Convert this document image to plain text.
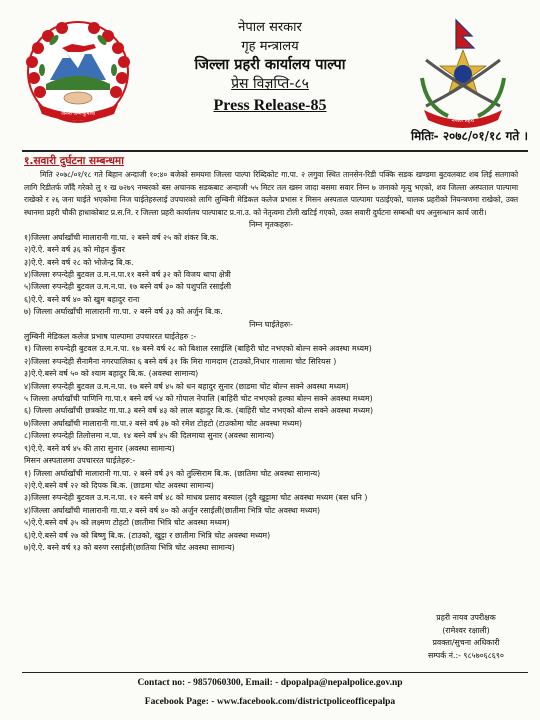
जननी जन्मभूमिश्च
नेपाल सरकार
गृह मन्त्रालय
जिल्ला प्रहरी कार्यालय पाल्पा
प्रेस विज्ञप्ति-८५
Press Release-85
नेपाल प्रहरी
मितिः- २०७८/०१/१८ गते ।
१.सवारी दुर्घटना सम्बन्धमा

मिति २०७८/०१/१८ गते बिहान अन्दाजी १०:४० बजेको समयमा जिल्ला पाल्पा रिब्दिकोट गा.पा. २ लगुवा स्थित तानसेन-रिडी पक्कि सडक खण्डमा बुटवलबाट शब लिई सतगाको लागि रिडीतर्फ जाँदै गरेको लु १ ख ७२७९ नम्बरको बस अचानक सडकबाट अन्दाजी ५५ मिटर तल खस्न जादा बसमा सवार निम्न ७ जनाको मृत्यु भएको, शव जिल्ला अस्पताल पाल्पामा राखेको र २६ जना घाईते भएकोमा निज घाईतेहरुलाई उपचारको लागि लुम्बिनी मेडिकल कलेज प्रभास र मिसन अस्पताल पाल्पामा पठाईएको, चालक प्रहरीको नियन्त्रणमा राखेको, उक्त स्थानमा प्रहरी चौकी हाधाकोबाट प्र.स.नि. र जिल्ला प्रहरी कार्यालय पाल्पाबाट प्र.ना.उ. को नेतृत्वमा टोली खटिई गएको, उक्त सवारी दुर्घटना सम्बन्धी थप अनुसन्धान कार्य जारी।

निम्न मृतकहरुः-
१)जिल्ला अर्घाखाँची मालारानी गा.पा. २ बस्ने वर्ष २५ को शंकर बि.क.
२)ऐ.ऐ. बस्ने वर्ष ३६ को मोहन कुँवर
३)ऐ.ऐ. बस्ने वर्ष २८ को भोजेन्द्र बि.क.
४)जिल्ला रुपन्देही बुटवल उ.म.न.पा.११ बस्ने वर्ष ३२ को विजय थापा क्षेत्री
५)जिल्ला रुपन्देही बुटवल उ.म.न.पा. १७ बस्ने वर्ष ३० को पशुपति रसाईली
६)ऐ.ऐ. बस्ने वर्ष ४० को खुम बहादुर राना
७) जिल्ला अर्घाखाँची मालारानी गा.पा. २ बस्ने वर्ष ३३ को अर्जुन बि.क.
निम्न घाईतेहरुः-
लुम्बिनी मेडिकल कलेज प्रभाष पाल्पामा उपचाररत घाईतेहरु :-
१) जिल्ला रुपन्देही बुटवल उ.म.न.पा. १७ बस्ने वर्ष २८ को बिशाल रसाईलि (बाहिरी चोट नभएको बोल्न सक्ने अवस्था मध्यम)
२)जिल्ला रुपन्देही सैनामैना नगरपालिका ६ बस्ने वर्ष ३१ कि मिरा गामदाम (टाउको,निधार गालामा चोट सिरियस )
३)ऐ.ऐ.बस्ने वर्ष ५० को श्याम बहादुर बि.क. (अवस्था सामान्य)
४)जिल्ला रुपन्देही बुटवल उ.म.न.पा. १७ बस्ने वर्ष ४५ को धन बहादुर सुनार (छाडमा चोट बोल्न सक्ने अवस्था मध्यम)
५ जिल्ला अर्घाखाँची पाणिनि गा.पा.१ बस्ने वर्ष ५४ को गोपाल नेपालि (बाहिरी चोट नभएको हल्का बोल्न सक्ने अवस्था मध्यम)
६) जिल्ला अर्घाखाँची छत्रकोट गा.पा.३ बस्ने वर्ष ४३ को लाल बहादुर बि.क. (बाहिरी चोट नभएको बोल्न सक्ने अवस्था मध्यम)
७)जिल्ला अर्घाखाँची मालारानी गा.पा.२ बस्ने वर्ष ३७ को रमेश टोहटो (टाउकोमा चोट अवस्था मध्यम)
८)जिल्ला रुपन्देही तिलोत्तमा न.पा. १४ बस्ने वर्ष ४५ की दिलमाया सुनार (अवस्था सामान्य)
९)ऐ.ऐ. बस्ने वर्ष ४५ की तारा सुनार (अवस्था सामान्य)
मिसन अस्पतालमा उपचाररत घाईतेहरु:-
१) जिल्ला अर्घाखाँची मालारानी गा.पा. २ बस्ने वर्ष ३९ को तुल्सिराम बि.क. (छातिमा चोट अवस्था सामान्य)
२)ऐ.ऐ.बस्ने वर्ष २२ को दिपक बि.क. (छाडमा चोट अवस्था सामान्य)
३)जिल्ला रुपन्देही बुटवल उ.म.न.पा. १२ बस्ने वर्ष ४८ को माधब प्रसाद बस्याल (दुवै खुट्टामा चोट अवस्था मध्यम (बस धनि )
४)जिल्ला अर्घाखाँची मालारानी गा.पा.२ बस्ने वर्ष ४० को अर्जुन रसाईली(छातीमा भित्रि चोट अवस्था मध्यम)
५)ऐ.ऐ.बस्ने वर्ष ३५ को लक्ष्मण टोहटो (छातीमा भित्रि चोट अवस्था मध्यम)
६)ऐ.ऐ.बस्ने वर्ष २७ को बिष्णु बि.क. (टाउको, खुट्टा र छातीमा भित्रि चोट अवस्था मध्यम)
७)ऐ.ऐ. बस्ने वर्ष १३ को बरुण रसाईली(छातिया भित्रि चोट अवस्था सामान्य)
प्रहरी नायव उपरीक्षक
(रामेश्वर रक्षाली)
प्रवक्ता/सुचना अधिकारी
सम्पर्क नं.:- ९८५७०६८६९०
Contact no: - 9857060300, Email: - dpopalpa@nepalpolice.gov.np
Facebook Page: - www.facebook.com/districtpoliceofficepalpa
